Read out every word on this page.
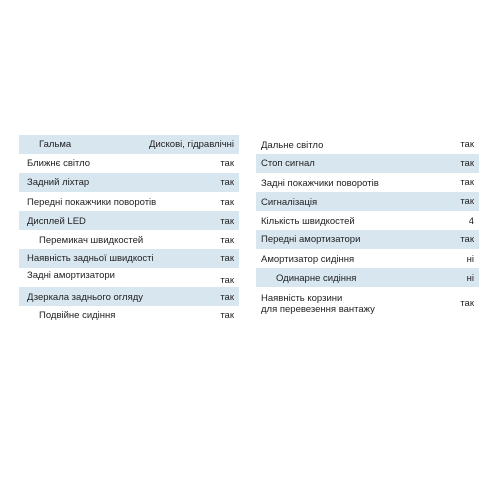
Гальма	Дискові, гідравлічні
Ближнє світло	так
Задний ліхтар	так
Передні покажчики поворотів	так
Дисплей LED	так
Перемикач швидкостей	так
Наявність задньої швидкості	так
Задні амортизатори	так
Дзеркала заднього огляду	так
Подвійне сидіння	так
Дальне світло	так
Стоп сигнал	так
Задні покажчики поворотів	так
Сигналізація	так
Кількість швидкостей	4
Передні амортизатори	так
Амортизатор сидіння	ні
Одинарне сидіння	ні
Наявність корзини
для перевезення вантажу
так
